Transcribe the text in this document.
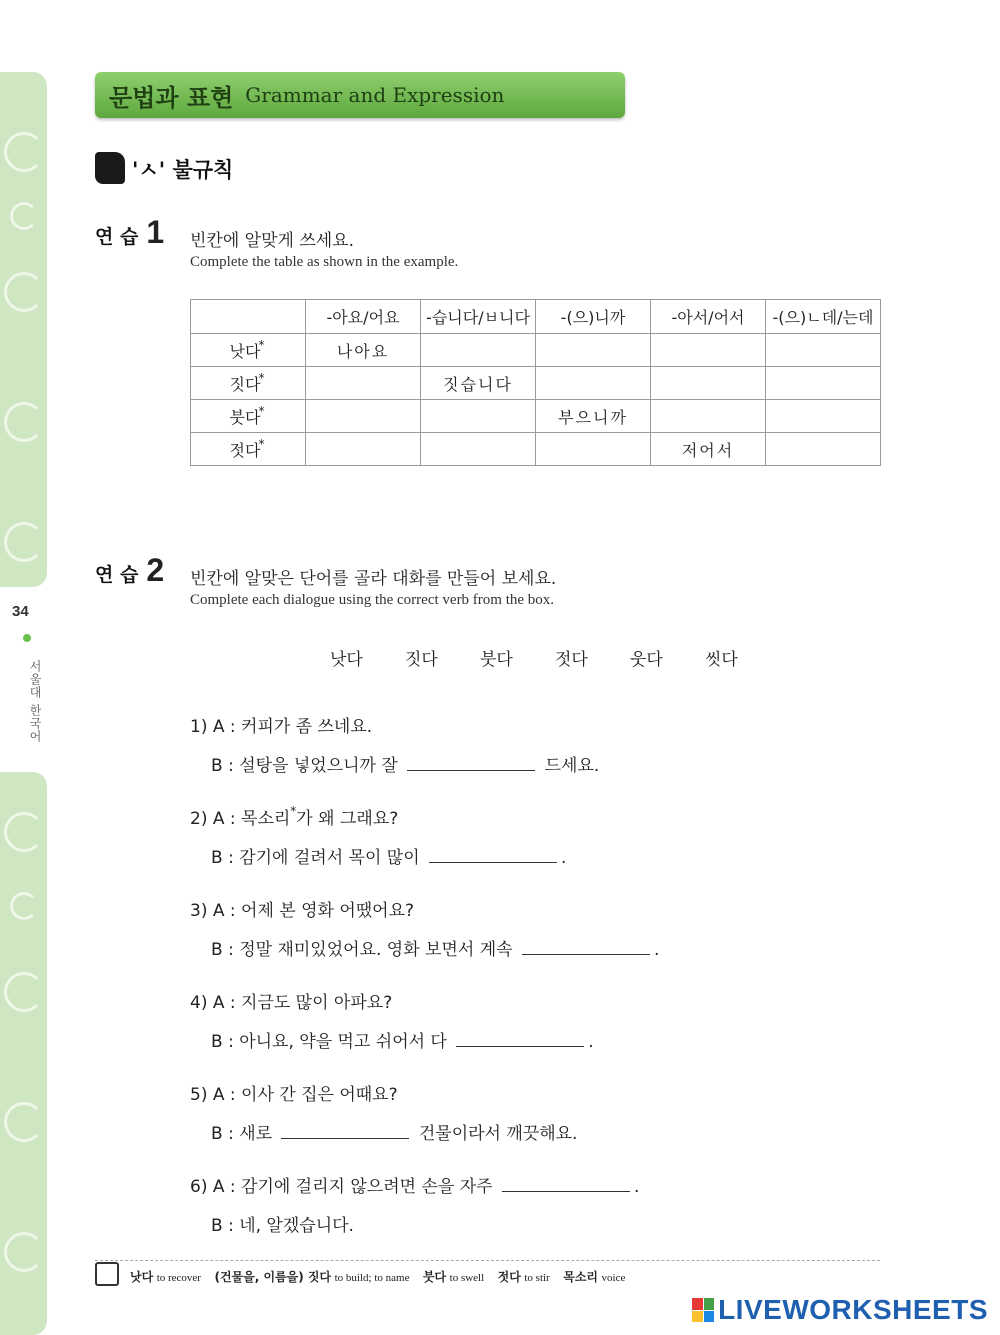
34
서울대 한국어
문법과 표현 Grammar and Expression
'ㅅ' 불규칙
연 습 1 빈칸에 알맞게 쓰세요.
Complete the table as shown in the example.
	-아요/어요	-습니다/ㅂ니다	-(으)니까	-아서/어서	-(으)ㄴ데/는데
낫다*	나아요				
짓다*		짓습니다			
붓다*			부으니까		
젓다*				저어서	
연 습 2 빈칸에 알맞은 단어를 골라 대화를 만들어 보세요.
Complete each dialogue using the correct verb from the box.
낫다	짓다	붓다	젓다	웃다	씻다
1) A : 커피가 좀 쓰네요.
B : 설탕을 넣었으니까 잘	드세요.
2) A : 목소리*가 왜 그래요?
B : 감기에 걸려서 목이 많이	.
3) A : 어제 본 영화 어땠어요?
B : 정말 재미있었어요. 영화 보면서 계속	.
4) A : 지금도 많이 아파요?
B : 아니요, 약을 먹고 쉬어서 다	.
5) A : 이사 간 집은 어때요?
B : 새로	건물이라서 깨끗해요.
6) A : 감기에 걸리지 않으려면 손을 자주	.
B : 네, 알겠습니다.
낫다 to recover (건물을, 이름을) 짓다 to build; to name 붓다 to swell 젓다 to stir 목소리 voice
LIVEWORKSHEETS
